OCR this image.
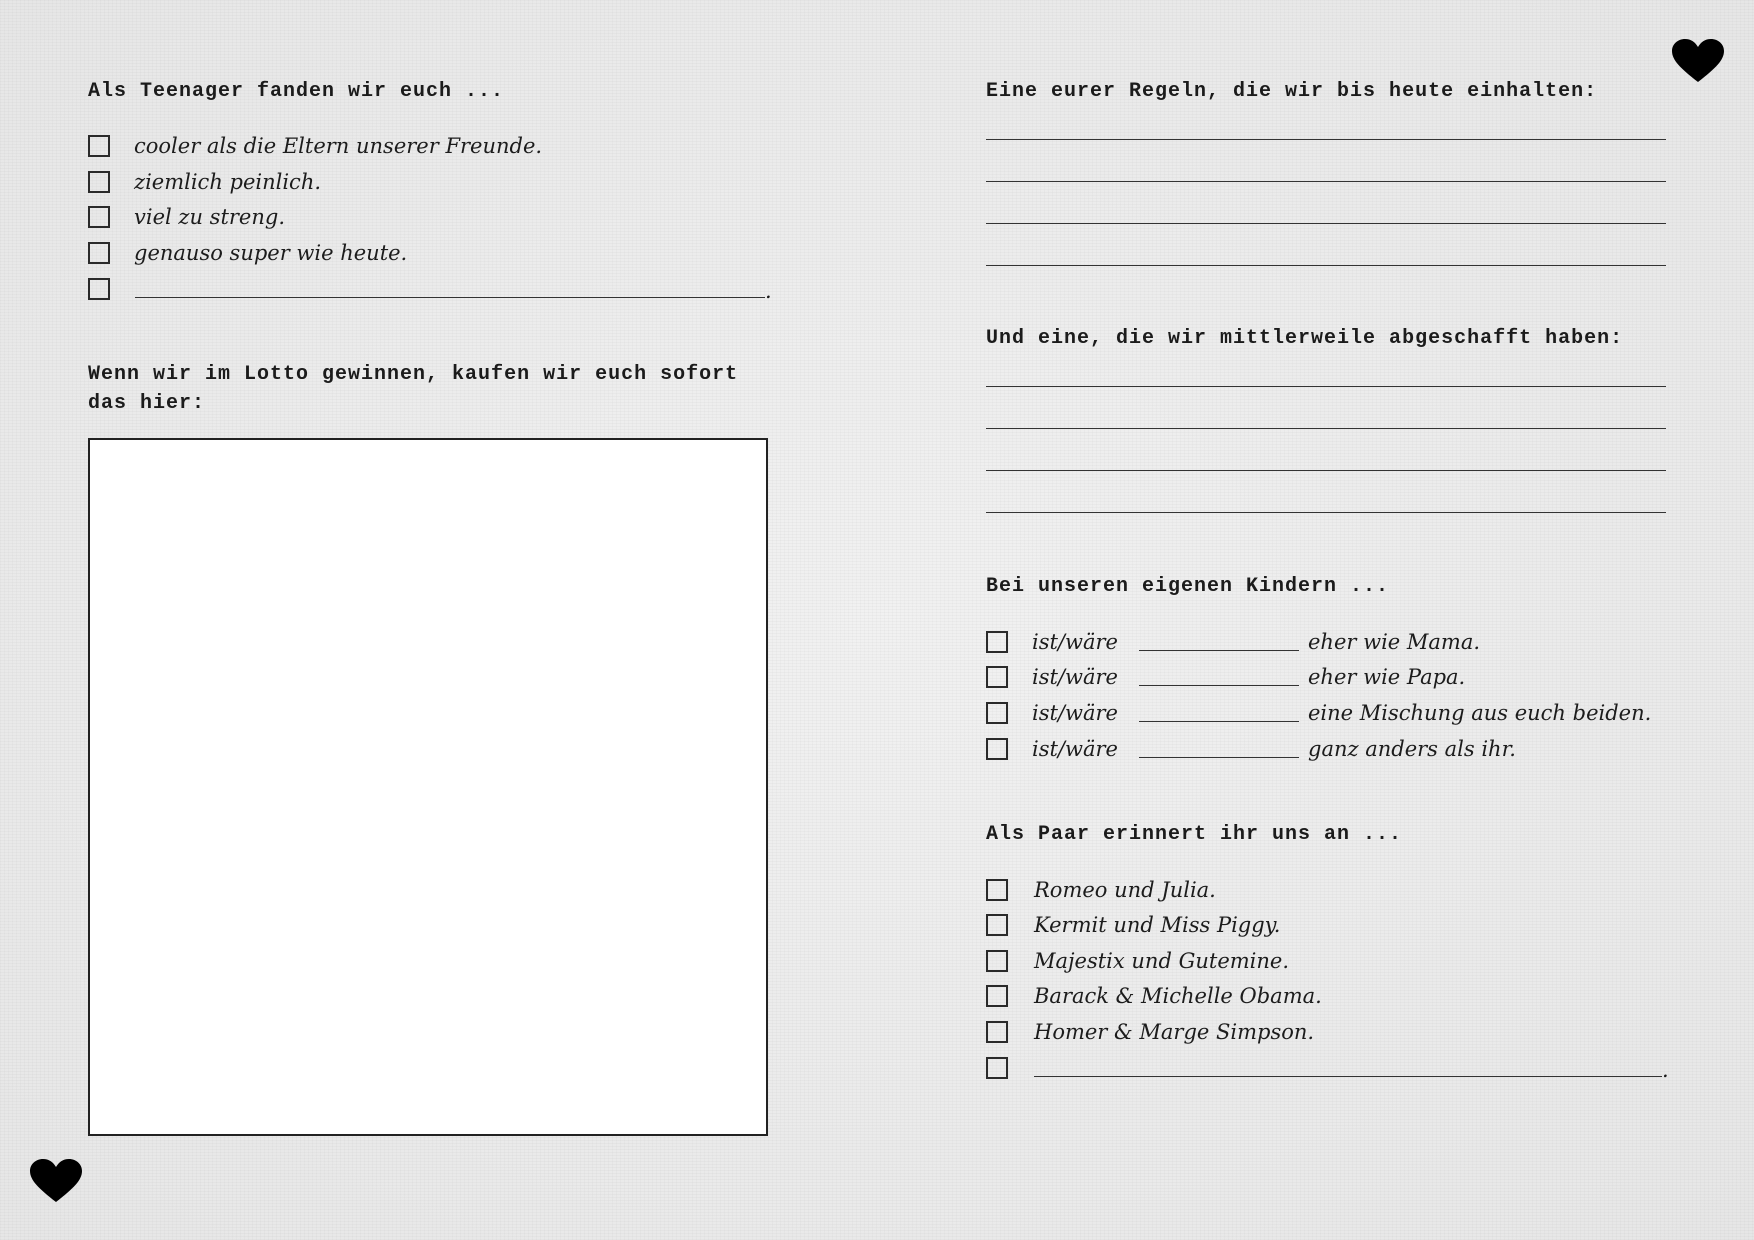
Als Teenager fanden wir euch ...
cooler als die Eltern unserer Freunde.
ziemlich peinlich.
viel zu streng.
genauso super wie heute.
.
Wenn wir im Lotto gewinnen, kaufen wir euch sofort
das hier:
Eine eurer Regeln, die wir bis heute einhalten:
Und eine, die wir mittlerweile abgeschafft haben:
Bei unseren eigenen Kindern ...
ist/wäre	eher wie Mama.
ist/wäre	eher wie Papa.
ist/wäre	eine Mischung aus euch beiden.
ist/wäre	ganz anders als ihr.
Als Paar erinnert ihr uns an ...
Romeo und Julia.
Kermit und Miss Piggy.
Majestix und Gutemine.
Barack & Michelle Obama.
Homer & Marge Simpson.
.
